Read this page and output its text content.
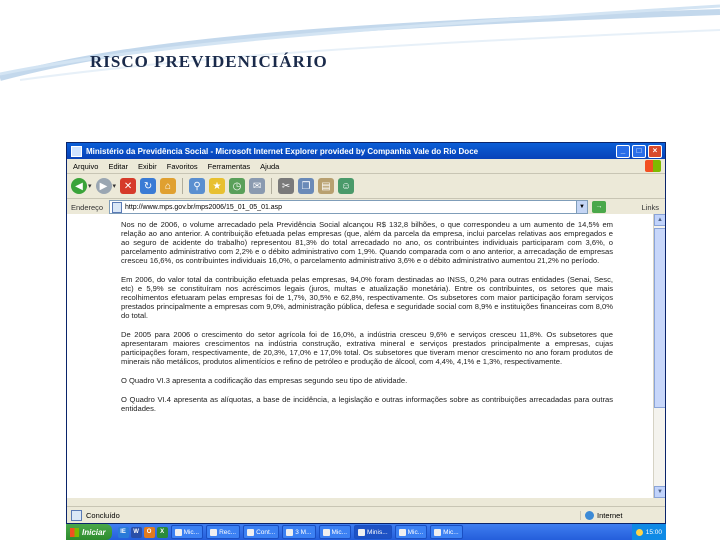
RISCO PREVIDENICIÁRIO
Ministério da Previdência Social - Microsoft Internet Explorer provided by Companhia Vale do Rio Doce	_	□	×
Arquivo Editar Exibir Favoritos Ferramentas Ajuda
◀ ▾ ▶ ▾ ✕	↻	⌂	⚲	★	◷	✉	✂	❐	▤	☺
Endereço	http://www.mps.gov.br/mps2006/15_01_05_01.asp	▼	→	Links

Nos no de 2006, o volume arrecadado pela Previdência Social alcançou R$ 132,8 bilhões, o que correspondeu a um aumento de 14,5% em relação ao ano anterior. A contribuição efetuada pelas empresas (que, além da parcela da empresa, inclui parcelas relativas aos empregados e ao seguro de acidente do trabalho) representou 81,3% do total arrecadado no ano, os contribuintes individuais participaram com 3,6%, o parcelamento administrativo com 2,2% e o débito administrativo com 1,9%. Quando comparada com o ano anterior, a arrecadação de empresas cresceu 16,6%, os contribuintes individuais 16,0%, o parcelamento administrativo 3,6% e o débito administrativo aumentou 21,2% no período.

Em 2006, do valor total da contribuição efetuada pelas empresas, 94,0% foram destinadas ao INSS, 0,2% para outras entidades (Senai, Sesc, etc) e 5,9% se constituíram nos acréscimos legais (juros, multas e atualização monetária). Entre os contribuintes, os setores que mais recolhimentos efetuaram pelas empresas foi de 1,7%, 30,5% e 62,8%, respectivamente. Os subsetores com maior participação foram serviços prestados principalmente a empresas com 9,0%, administração pública, defesa e seguridade social com 8,9% e instituições financeiras com 8,0% do total.

De 2005 para 2006 o crescimento do setor agrícola foi de 16,0%, a indústria cresceu 9,6% e serviços cresceu 11,8%. Os subsetores que apresentaram maiores crescimentos na indústria construção, extrativa mineral e serviços prestados principalmente a empresas, cujas participações foram, respectivamente, de 20,3%, 17,0% e 17,0% total. Os subsetores que tiveram menor crescimento no ano foram produtos de minerais não metálicos, produtos alimentícios e refino de petróleo e produção de álcool, com 4,4%, 4,1% e 1,3%, respectivamente.

O Quadro VI.3 apresenta a codificação das empresas segundo seu tipo de atividade.

O Quadro VI.4 apresenta as alíquotas, a base de incidência, a legislação e outras informações sobre as contribuições arrecadadas para outras entidades.

▲
▼
Concluído	Internet
Iniciar	IE	W	O	X	Mic...	Rec...	Cont...	3 M...	Mic...	Minis...	Mic...	Mic...	15:00
